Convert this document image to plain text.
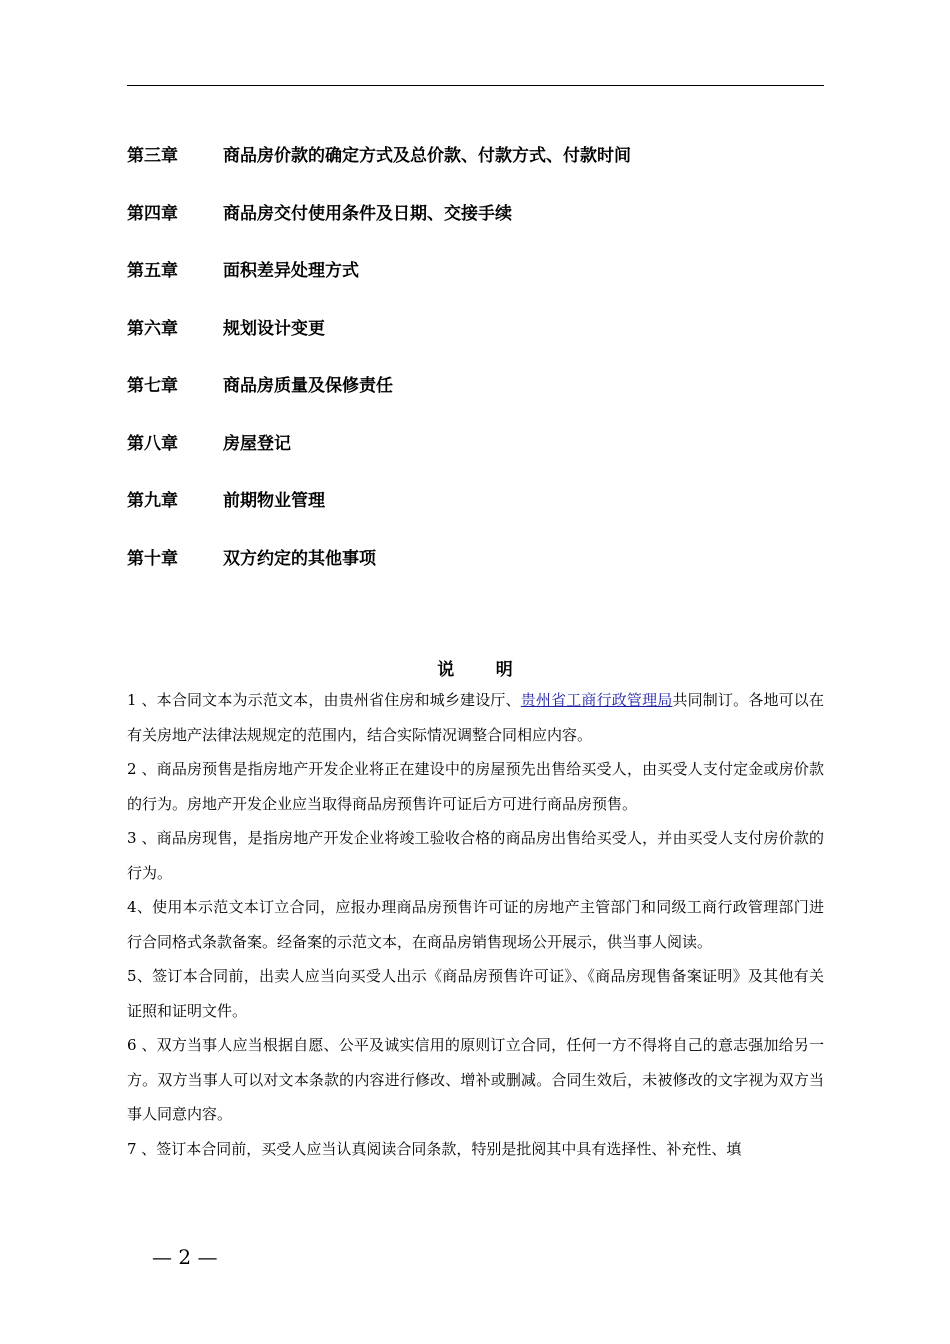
第三章	商品房价款的确定方式及总价款、付款方式、付款时间
第四章	商品房交付使用条件及日期、交接手续
第五章	面积差异处理方式
第六章	规划设计变更
第七章	商品房质量及保修责任
第八章	房屋登记
第九章	前期物业管理
第十章	双方约定的其他事项
说 明

1 、本合同文本为示范文本，由贵州省住房和城乡建设厅、贵州省工商行政管理局共同制订。各地可以在有关房地产法律法规规定的范围内，结合实际情况调整合同相应内容。

2 、商品房预售是指房地产开发企业将正在建设中的房屋预先出售给买受人，由买受人支付定金或房价款的行为。房地产开发企业应当取得商品房预售许可证后方可进行商品房预售。

3 、商品房现售，是指房地产开发企业将竣工验收合格的商品房出售给买受人，并由买受人支付房价款的行为。

4、使用本示范文本订立合同，应报办理商品房预售许可证的房地产主管部门和同级工商行政管理部门进行合同格式条款备案。经备案的示范文本，在商品房销售现场公开展示，供当事人阅读。

5、签订本合同前，出卖人应当向买受人出示《商品房预售许可证》、《商品房现售备案证明》及其他有关证照和证明文件。

6 、双方当事人应当根据自愿、公平及诚实信用的原则订立合同，任何一方不得将自己的意志强加给另一方。双方当事人可以对文本条款的内容进行修改、增补或删减。合同生效后，未被修改的文字视为双方当事人同意内容。

7 、签订本合同前，买受人应当认真阅读合同条款，特别是批阅其中具有选择性、补充性、填

— 2 —
